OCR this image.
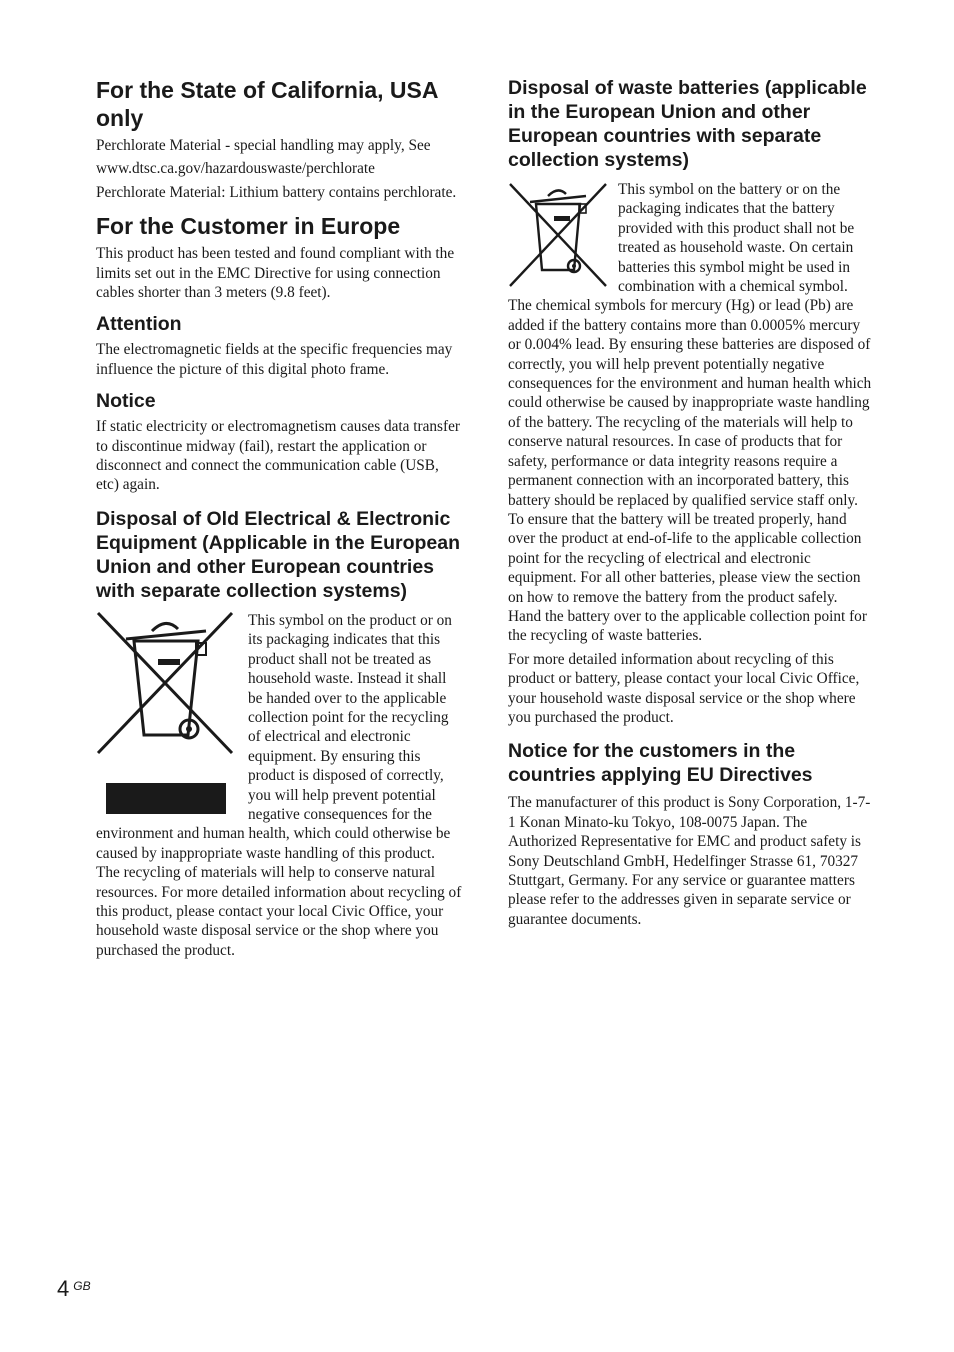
For the State of California, USA only

Perchlorate Material - special handling may apply, See

www.dtsc.ca.gov/hazardouswaste/perchlorate

Perchlorate Material: Lithium battery contains perchlorate.

For the Customer in Europe

This product has been tested and found compliant with the limits set out in the EMC Directive for using connection cables shorter than 3 meters (9.8 feet).

Attention

The electromagnetic fields at the specific frequencies may influence the picture of this digital photo frame.

Notice

If static electricity or electromagnetism causes data transfer to discontinue midway (fail), restart the application or disconnect and connect the communication cable (USB, etc) again.

Disposal of Old Electrical & Electronic Equipment (Applicable in the European Union and other European countries with separate collection systems)

This symbol on the product or on its packaging indicates that this product shall not be treated as household waste. Instead it shall be handed over to the applicable collection point for the recycling of electrical and electronic equipment. By ensuring this product is disposed of correctly, you will help prevent potential negative consequences for the environment and human health, which could otherwise be caused by inappropriate waste handling of this product. The recycling of materials will help to conserve natural resources. For more detailed information about recycling of this product, please contact your local Civic Office, your household waste disposal service or the shop where you purchased the product.

Disposal of waste batteries (applicable in the European Union and other European countries with separate collection systems)

This symbol on the battery or on the packaging indicates that the battery provided with this product shall not be treated as household waste. On certain batteries this symbol might be used in combination with a chemical symbol. The chemical symbols for mercury (Hg) or lead (Pb) are added if the battery contains more than 0.0005% mercury or 0.004% lead. By ensuring these batteries are disposed of correctly, you will help prevent potentially negative consequences for the environment and human health which could otherwise be caused by inappropriate waste handling of the battery. The recycling of the materials will help to conserve natural resources. In case of products that for safety, performance or data integrity reasons require a permanent connection with an incorporated battery, this battery should be replaced by qualified service staff only. To ensure that the battery will be treated properly, hand over the product at end-of-life to the applicable collection point for the recycling of electrical and electronic equipment. For all other batteries, please view the section on how to remove the battery from the product safely. Hand the battery over to the applicable collection point for the recycling of waste batteries.

For more detailed information about recycling of this product or battery, please contact your local Civic Office, your household waste disposal service or the shop where you purchased the product.

Notice for the customers in the countries applying EU Directives

The manufacturer of this product is Sony Corporation, 1-7-1 Konan Minato-ku Tokyo, 108-0075 Japan. The Authorized Representative for EMC and product safety is Sony Deutschland GmbH, Hedelfinger Strasse 61, 70327 Stuttgart, Germany. For any service or guarantee matters please refer to the addresses given in separate service or guarantee documents.

4 $^{GB}$
